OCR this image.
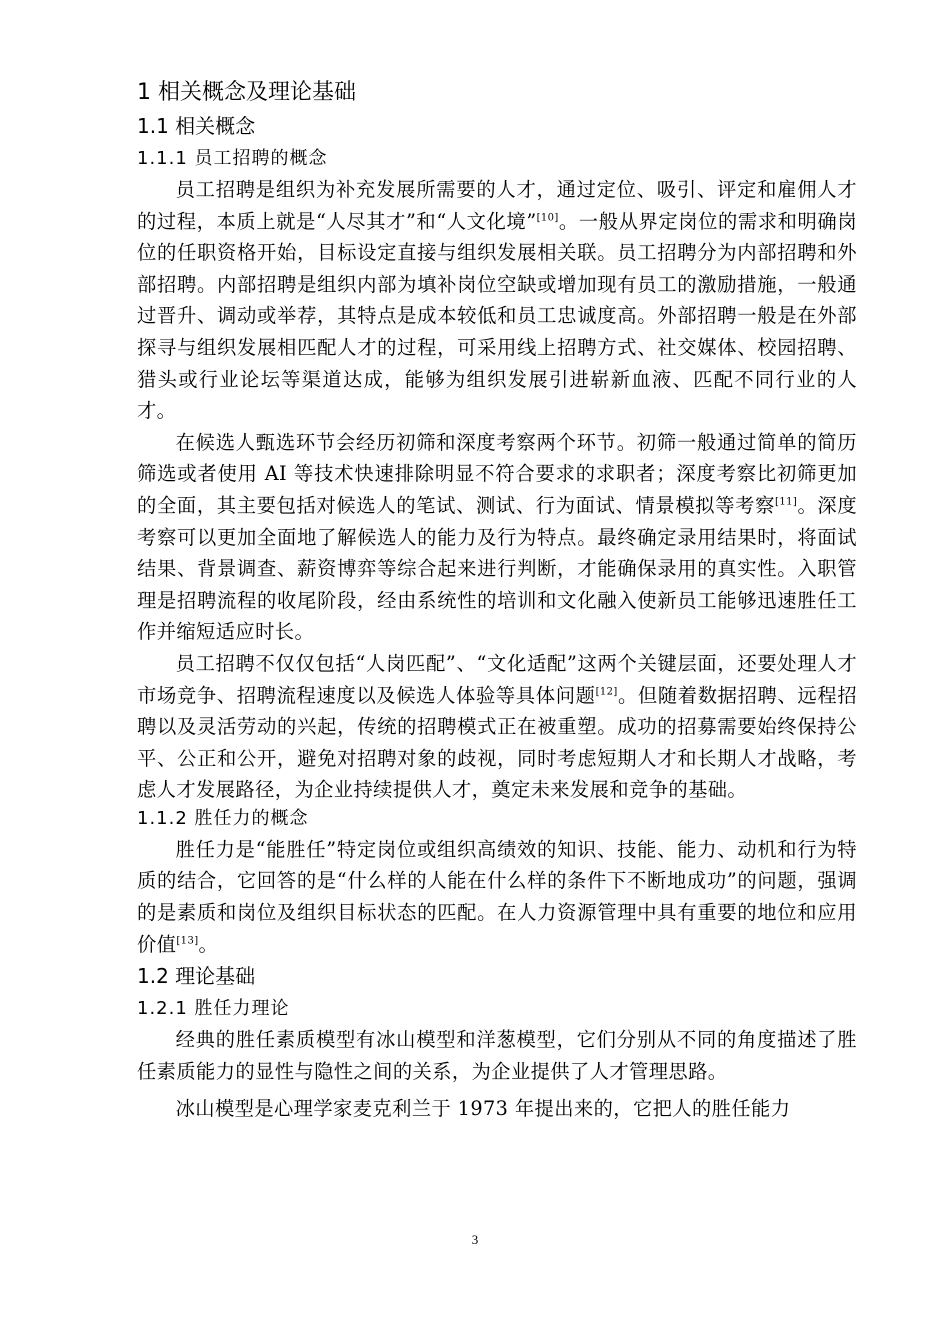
1 相关概念及理论基础
1.1 相关概念
1.1.1 员工招聘的概念

员工招聘是组织为补充发展所需要的人才，通过定位、吸引、评定和雇佣人才的过程，本质上就是“人尽其才”和“人文化境”[10]。一般从界定岗位的需求和明确岗位的任职资格开始，目标设定直接与组织发展相关联。员工招聘分为内部招聘和外部招聘。内部招聘是组织内部为填补岗位空缺或增加现有员工的激励措施，一般通过晋升、调动或举荐，其特点是成本较低和员工忠诚度高。外部招聘一般是在外部探寻与组织发展相匹配人才的过程，可采用线上招聘方式、社交媒体、校园招聘、猎头或行业论坛等渠道达成，能够为组织发展引进崭新血液、匹配不同行业的人才。

在候选人甄选环节会经历初筛和深度考察两个环节。初筛一般通过简单的简历筛选或者使用 AI 等技术快速排除明显不符合要求的求职者；深度考察比初筛更加的全面，其主要包括对候选人的笔试、测试、行为面试、情景模拟等考察[11]。深度考察可以更加全面地了解候选人的能力及行为特点。最终确定录用结果时，将面试结果、背景调查、薪资博弈等综合起来进行判断，才能确保录用的真实性。入职管理是招聘流程的收尾阶段，经由系统性的培训和文化融入使新员工能够迅速胜任工作并缩短适应时长。

员工招聘不仅仅包括“人岗匹配”、“文化适配”这两个关键层面，还要处理人才市场竞争、招聘流程速度以及候选人体验等具体问题[12]。但随着数据招聘、远程招聘以及灵活劳动的兴起，传统的招聘模式正在被重塑。成功的招募需要始终保持公平、公正和公开，避免对招聘对象的歧视，同时考虑短期人才和长期人才战略，考虑人才发展路径，为企业持续提供人才，奠定未来发展和竞争的基础。

1.1.2 胜任力的概念

胜任力是“能胜任”特定岗位或组织高绩效的知识、技能、能力、动机和行为特质的结合，它回答的是“什么样的人能在什么样的条件下不断地成功”的问题，强调的是素质和岗位及组织目标状态的匹配。在人力资源管理中具有重要的地位和应用价值[13]。

1.2 理论基础
1.2.1 胜任力理论

经典的胜任素质模型有冰山模型和洋葱模型，它们分别从不同的角度描述了胜任素质能力的显性与隐性之间的关系，为企业提供了人才管理思路。

冰山模型是心理学家麦克利兰于 1973 年提出来的，它把人的胜任能力

3
